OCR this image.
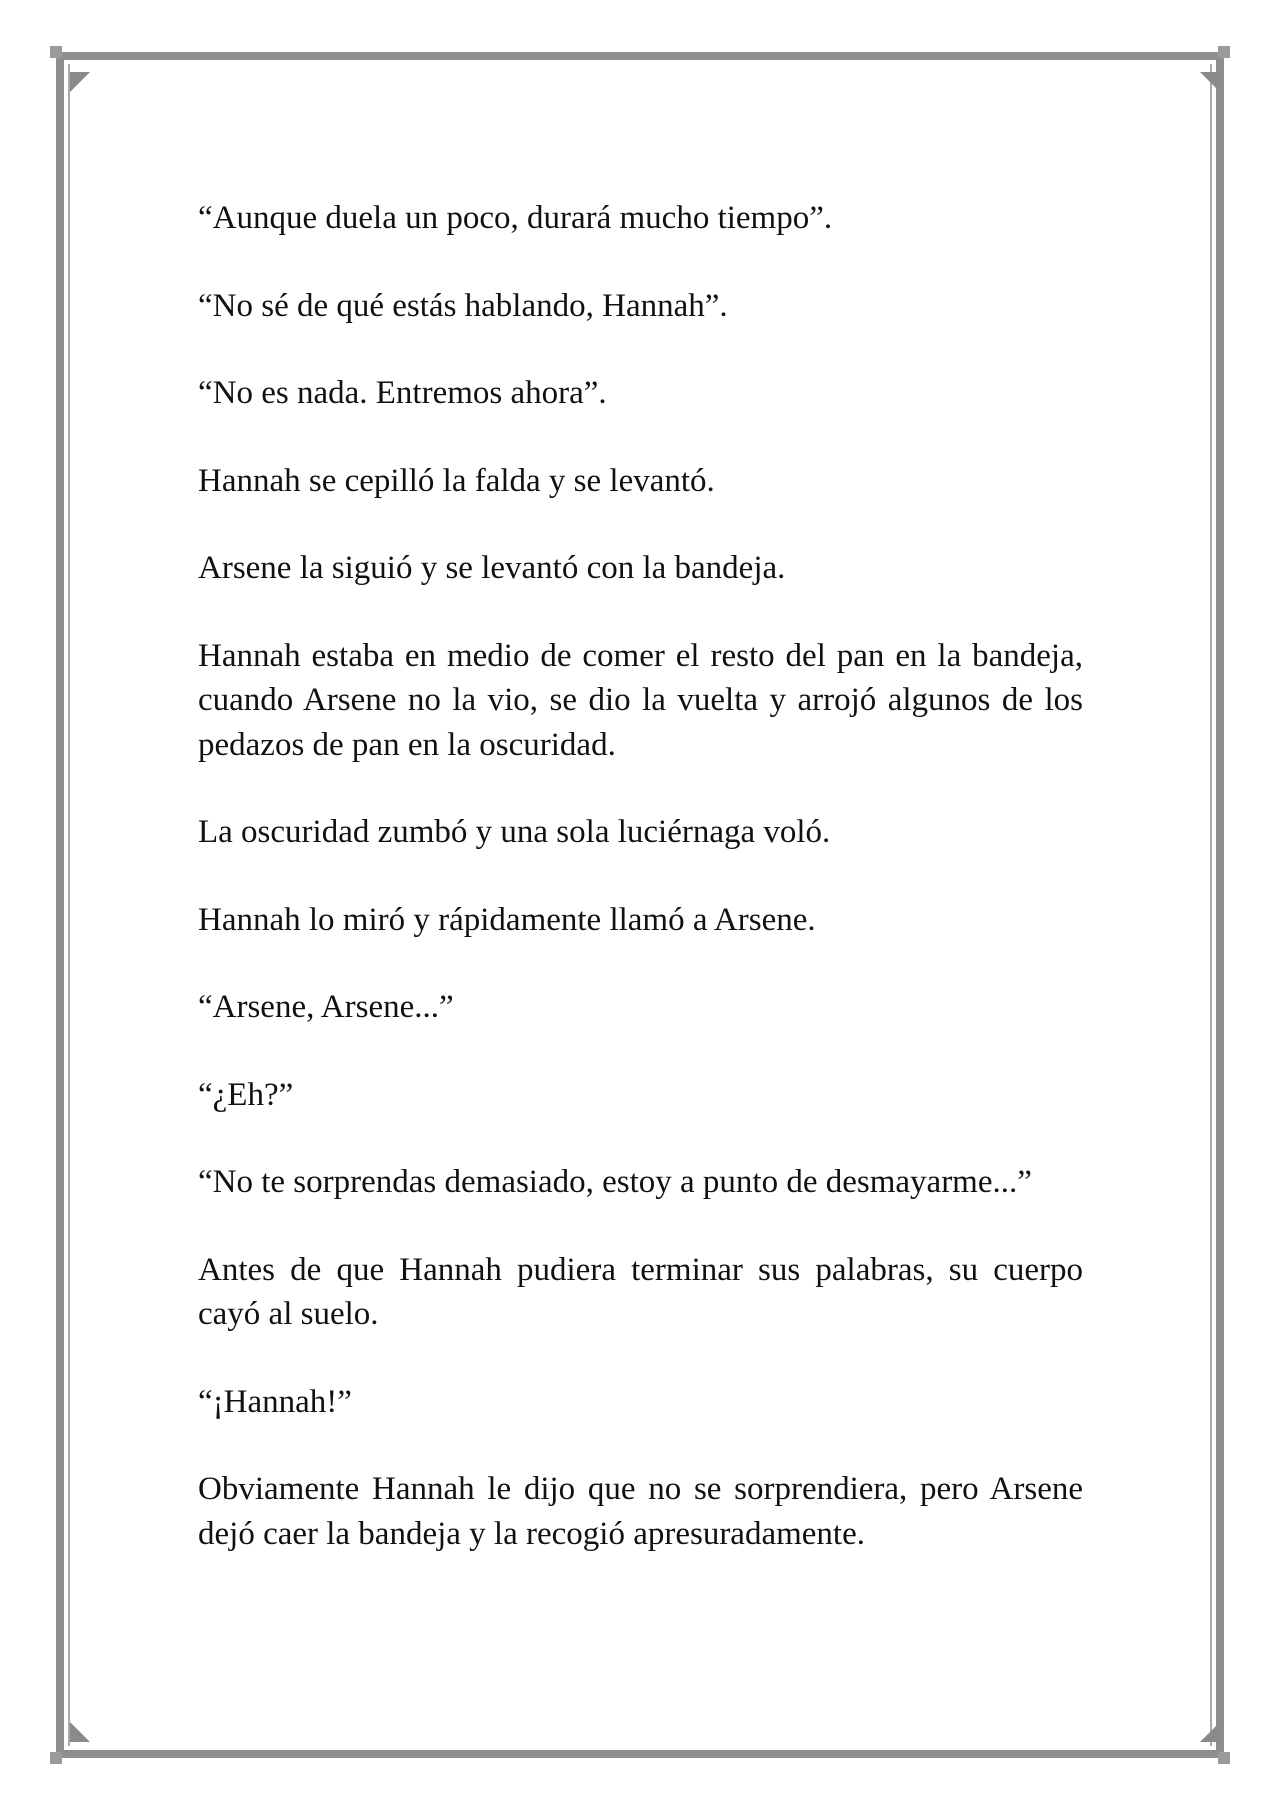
“Aunque duela un poco, durará mucho tiempo”.

“No sé de qué estás hablando, Hannah”.

“No es nada. Entremos ahora”.

Hannah se cepilló la falda y se levantó.

Arsene la siguió y se levantó con la bandeja.

Hannah estaba en medio de comer el resto del pan en la bandeja, cuando Arsene no la vio, se dio la vuelta y arrojó algunos de los pedazos de pan en la oscuridad.

La oscuridad zumbó y una sola luciérnaga voló.

Hannah lo miró y rápidamente llamó a Arsene.

“Arsene, Arsene...”

“¿Eh?”

“No te sorprendas demasiado, estoy a punto de desmayarme...”

Antes de que Hannah pudiera terminar sus palabras, su cuerpo cayó al suelo.

“¡Hannah!”

Obviamente Hannah le dijo que no se sorprendiera, pero Arsene dejó caer la bandeja y la recogió apresuradamente.
